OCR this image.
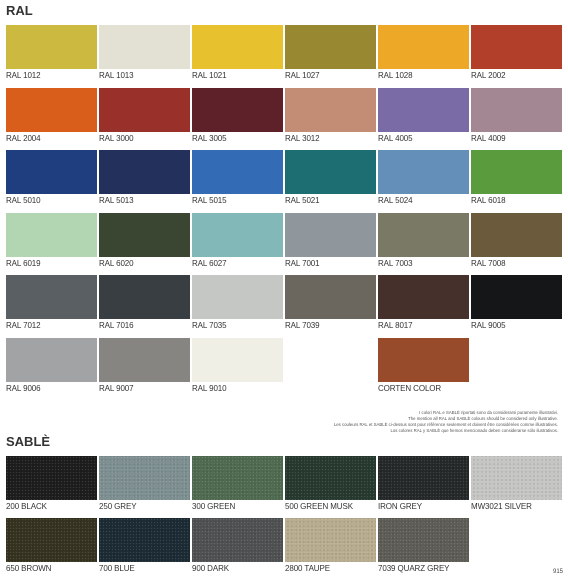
RAL
RAL 1012	RAL 1013	RAL 1021	RAL 1027	RAL 1028	RAL 2002
RAL 2004	RAL 3000	RAL 3005	RAL 3012	RAL 4005	RAL 4009
RAL 5010	RAL 5013	RAL 5015	RAL 5021	RAL 5024	RAL 6018
RAL 6019	RAL 6020	RAL 6027	RAL 7001	RAL 7003	RAL 7008
RAL 7012	RAL 7016	RAL 7035	RAL 7039	RAL 8017	RAL 9005
RAL 9006	RAL 9007	RAL 9010	CORTEN COLOR
I colori RAL e SABLÈ riportati sono da considerarsi puramente illustrativi.
The mention all RAL and SABLÈ colours should be considered only illustrative.
Les couleurs RAL et SABLÈ ci-dessus sont pour référence seulement et doivent être considérées comme illustratives.
Los colores RAL y SABLÈ que hemos mencionado deben considerarse sólo ilustrativos.
SABLÈ
200 BLACK	250 GREY	300 GREEN	500 GREEN MUSK	IRON GREY	MW3021 SILVER
650 BROWN	700 BLUE	900 DARK	2800 TAUPE	7039 QUARZ GREY	915
